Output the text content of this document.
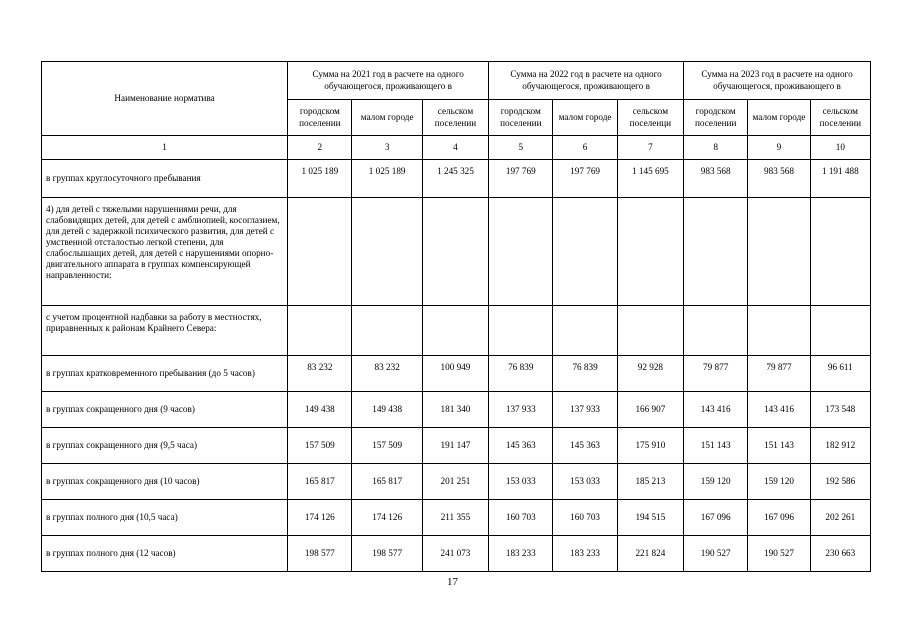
Наименование норматива	Сумма на 2021 год в расчете на одного обучающегося, проживающего в			Сумма на 2022 год в расчете на одного обучающегося, проживающего в			Сумма на 2023 год в расчете на одного обучающегося, проживающего в		
	городском поселении	малом городе	сельском поселении	городском поселении	малом городе	сельском поселенци	городском поселении	малом городе	сельском поселении
1	2	3	4	5	6	7	8	9	10
в группах круглосуточного пребывания	1 025 189	1 025 189	1 245 325	197 769	197 769	1 145 695	983 568	983 568	1 191 488
4) для детей с тяжелыми нарушениями речи, для слабовидящих детей, для детей с амблиопией, косоглазием, для детей с задержкой психического развития, для детей с умственной отсталостью легкой степени, для слабослышащих детей, для детей с нарушениями опорно-двигательного аппарата в группах компенсирующей направленности:									
с учетом процентной надбавки за работу в местностях, приравненных к районам Крайнего Севера:									
в группах кратковременного пребывания (до 5 часов)	83 232	83 232	100 949	76 839	76 839	92 928	79 877	79 877	96 611
в группах сокращенного дня (9 часов)	149 438	149 438	181 340	137 933	137 933	166 907	143 416	143 416	173 548
в группах сокращенного дня (9,5 часа)	157 509	157 509	191 147	145 363	145 363	175 910	151 143	151 143	182 912
в группах сокращенного дня (10 часов)	165 817	165 817	201 251	153 033	153 033	185 213	159 120	159 120	192 586
в группах полного дня (10,5 часа)	174 126	174 126	211 355	160 703	160 703	194 515	167 096	167 096	202 261
в группах полного дня (12 часов)	198 577	198 577	241 073	183 233	183 233	221 824	190 527	190 527	230 663
17
